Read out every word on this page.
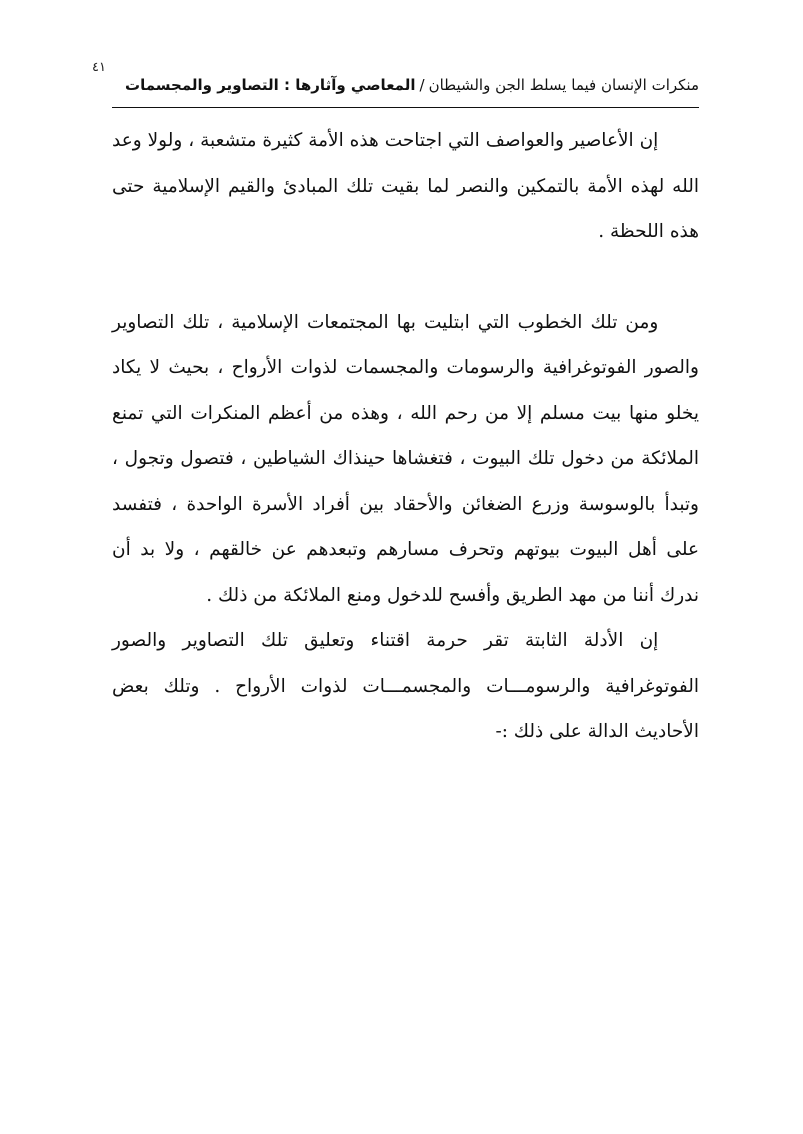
٤١
منكرات الإنسان فيما يسلط الجن والشيطان/المعاصي وآثارها : التصاوير والمجسمات

إن الأعاصير والعواصف التي اجتاحت هذه الأمة كثيرة متشعبة ، ولولا وعد الله لهذه الأمة بالتمكين والنصر لما بقيت تلك المبادئ والقيم الإسلامية حتى هذه اللحظة .

ومن تلك الخطوب التي ابتليت بها المجتمعات الإسلامية ، تلك التصاوير والصور الفوتوغرافية والرسومات والمجسمات لذوات الأرواح ، بحيث لا يكاد يخلو منها بيت مسلم إلا من رحم الله ، وهذه من أعظم المنكرات التي تمنع الملائكة من دخول تلك البيوت ، فتغشاها حينذاك الشياطين ، فتصول وتجول ، وتبدأ بالوسوسة وزرع الضغائن والأحقاد بين أفراد الأسرة الواحدة ، فتفسد على أهل البيوت بيوتهم وتحرف مسارهم وتبعدهم عن خالقهم ، ولا بد أن ندرك أننا من مهد الطريق وأفسح للدخول ومنع الملائكة من ذلك .

إن الأدلة الثابتة تقر حرمة اقتناء وتعليق تلك التصاوير والصور الفوتوغرافية والرسومـــات والمجسمـــات لذوات الأرواح . وتلك بعض الأحاديث الدالة على ذلك :-
